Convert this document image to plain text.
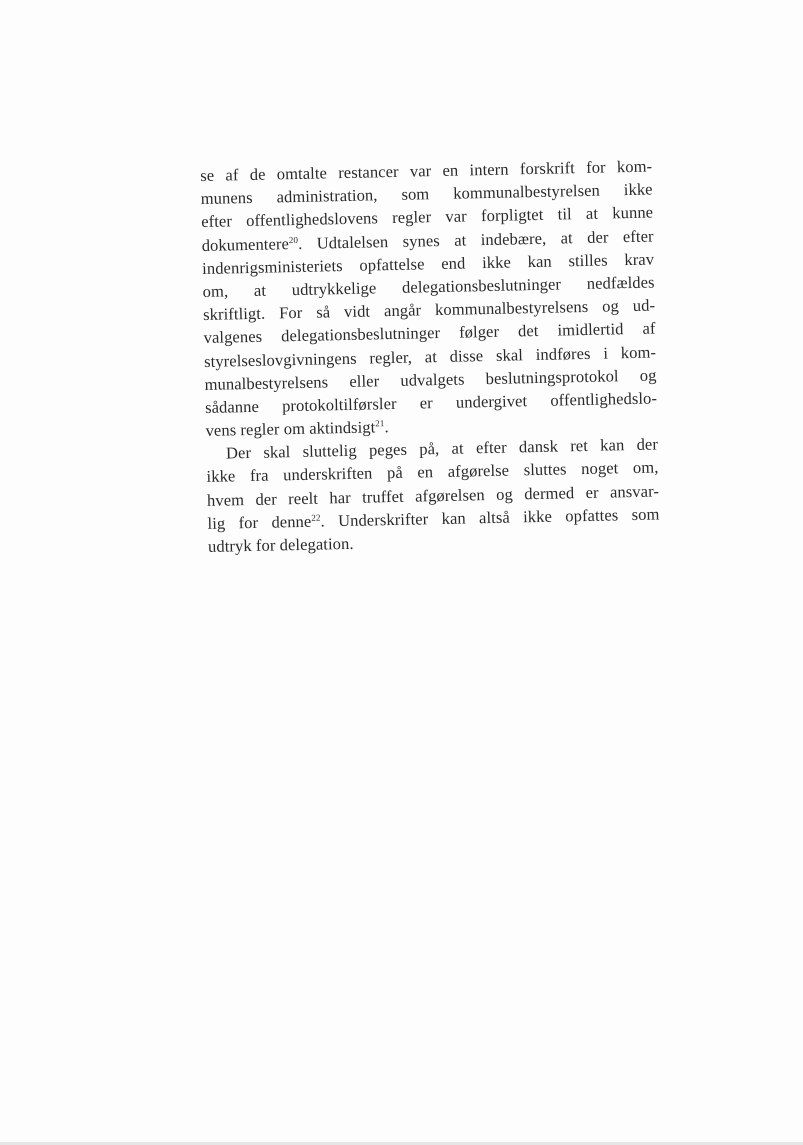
se af de omtalte restancer var en intern forskrift for kom-
munens administration, som kommunalbestyrelsen ikke
efter offentlighedslovens regler var forpligtet til at kunne
dokumentere$^{20}$. Udtalelsen synes at indebære, at der efter
indenrigsministeriets opfattelse end ikke kan stilles krav
om, at udtrykkelige delegationsbeslutninger nedfældes
skriftligt. For så vidt angår kommunalbestyrelsens og ud-
valgenes delegationsbeslutninger følger det imidlertid af
styrelseslovgivningens regler, at disse skal indføres i kom-
munalbestyrelsens eller udvalgets beslutningsprotokol og
sådanne protokoltilførsler er undergivet offentlighedslo-
vens regler om aktindsigt$^{21}$.
Der skal sluttelig peges på, at efter dansk ret kan der
ikke fra underskriften på en afgørelse sluttes noget om,
hvem der reelt har truffet afgørelsen og dermed er ansvar-
lig for denne$^{22}$. Underskrifter kan altså ikke opfattes som
udtryk for delegation.
